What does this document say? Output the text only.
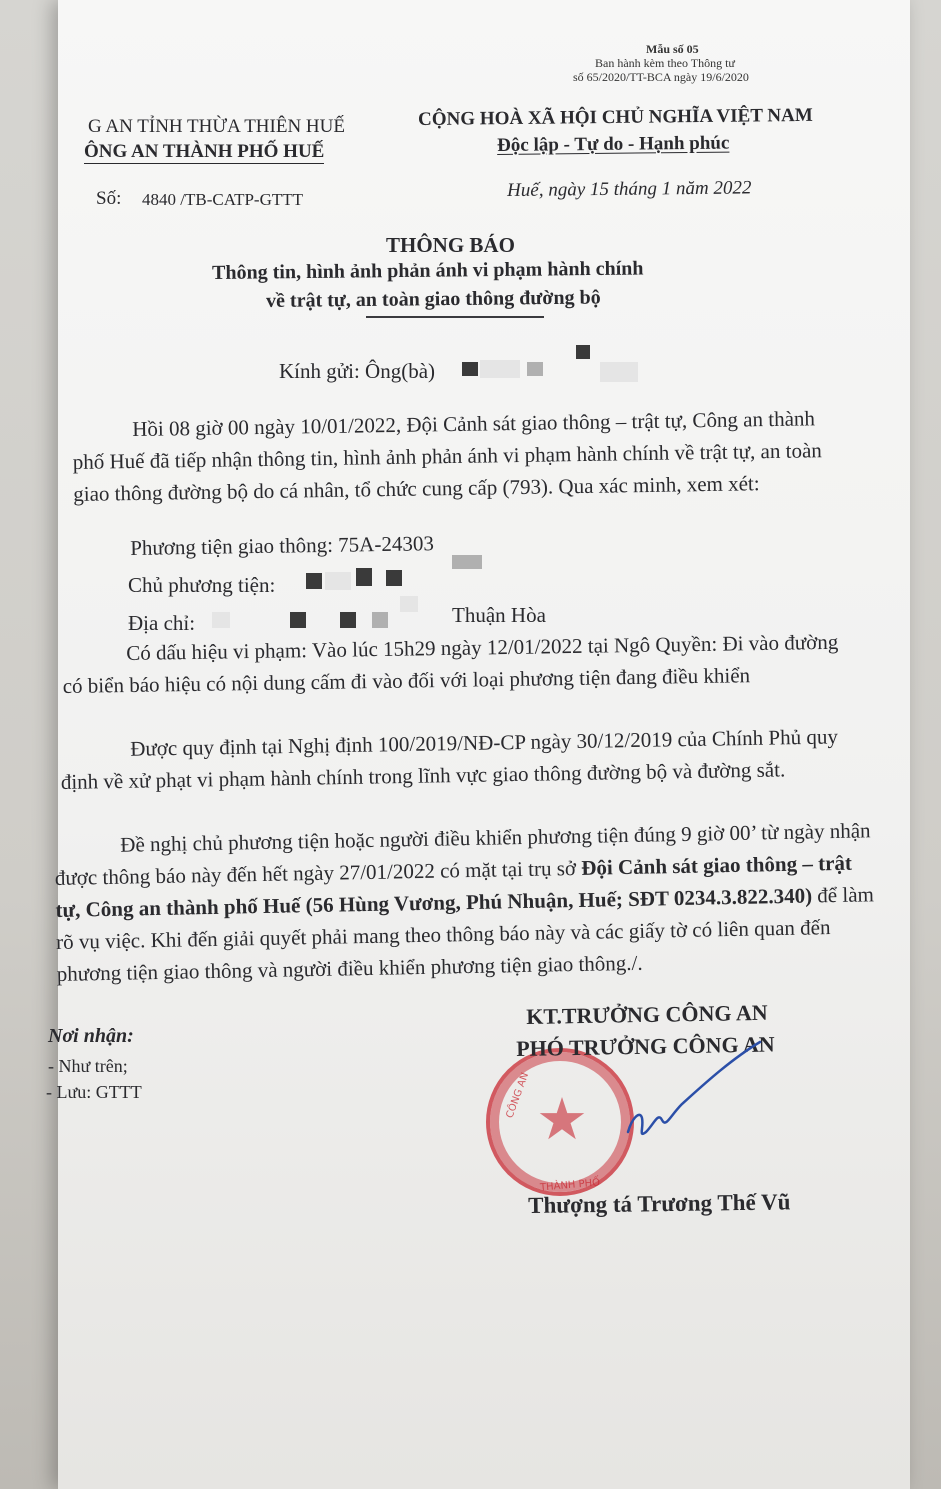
Mẫu số 05
Ban hành kèm theo Thông tư
số 65/2020/TT-BCA ngày 19/6/2020
G AN TỈNH THỪA THIÊN HUẾ
ÔNG AN THÀNH PHỐ HUẾ
Số: 4840 /TB-CATP-GTTT
CỘNG HOÀ XÃ HỘI CHỦ NGHĨA VIỆT NAM
Độc lập - Tự do - Hạnh phúc
Huế, ngày 15 tháng 1 năm 2022
THÔNG BÁO
Thông tin, hình ảnh phản ánh vi phạm hành chính
về trật tự, an toàn giao thông đường bộ
Kính gửi: Ông(bà)
Hồi 08 giờ 00 ngày 10/01/2022, Đội Cảnh sát giao thông – trật tự, Công an thành phố Huế đã tiếp nhận thông tin, hình ảnh phản ánh vi phạm hành chính về trật tự, an toàn giao thông đường bộ do cá nhân, tổ chức cung cấp (793). Qua xác minh, xem xét:
Phương tiện giao thông: 75A-24303
Chủ phương tiện:
Địa chỉ:	Thuận Hòa
Có dấu hiệu vi phạm: Vào lúc 15h29 ngày 12/01/2022 tại Ngô Quyền: Đi vào đường có biển báo hiệu có nội dung cấm đi vào đối với loại phương tiện đang điều khiển
Được quy định tại Nghị định 100/2019/NĐ-CP ngày 30/12/2019 của Chính Phủ quy định về xử phạt vi phạm hành chính trong lĩnh vực giao thông đường bộ và đường sắt.
Đề nghị chủ phương tiện hoặc người điều khiển phương tiện đúng 9 giờ 00’ từ ngày nhận được thông báo này đến hết ngày 27/01/2022 có mặt tại trụ sở Đội Cảnh sát giao thông – trật tự, Công an thành phố Huế (56 Hùng Vương, Phú Nhuận, Huế; SĐT 0234.3.822.340) để làm rõ vụ việc. Khi đến giải quyết phải mang theo thông báo này và các giấy tờ có liên quan đến phương tiện giao thông và người điều khiển phương tiện giao thông./.
Nơi nhận:
- Như trên;
- Lưu: GTTT	★
CÔNG AN
THÀNH PHỐ
KT.TRƯỞNG CÔNG AN
PHÓ TRƯỞNG CÔNG AN
Thượng tá Trương Thế Vũ
